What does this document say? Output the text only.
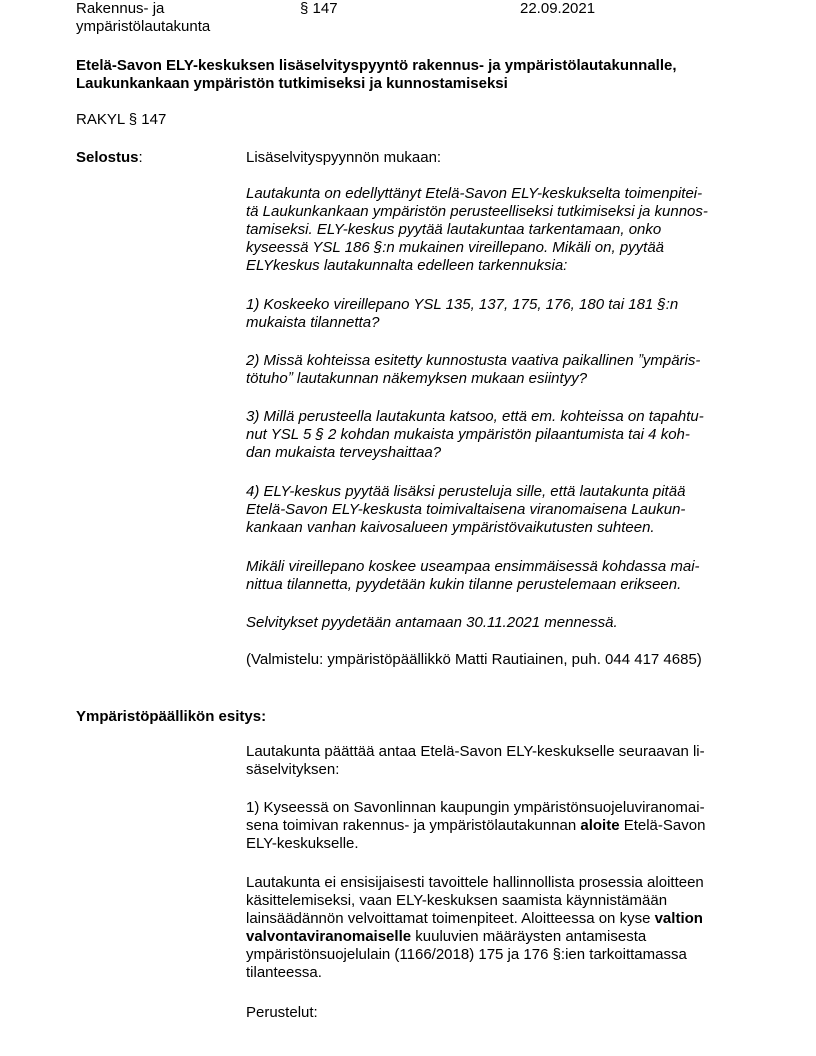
Rakennus- ja
ympäristölautakunta
§ 147	22.09.2021
Etelä-Savon ELY-keskuksen lisäselvityspyyntö rakennus- ja ympäristölautakunnalle,
Laukunkankaan ympäristön tutkimiseksi ja kunnostamiseksi
RAKYL § 147
Selostus:	Lisäselvityspyynnön mukaan:
Lautakunta on edellyttänyt Etelä-Savon ELY-keskukselta toimenpitei-
tä Laukunkankaan ympäristön perusteelliseksi tutkimiseksi ja kunnos-
tamiseksi. ELY-keskus pyytää lautakuntaa tarkentamaan, onko
kyseessä YSL 186 §:n mukainen vireillepano. Mikäli on, pyytää
ELYkeskus lautakunnalta edelleen tarkennuksia:
1) Koskeeko vireillepano YSL 135, 137, 175, 176, 180 tai 181 §:n
mukaista tilannetta?
2) Missä kohteissa esitetty kunnostusta vaativa paikallinen ˮympäris-
tötuhoˮ lautakunnan näkemyksen mukaan esiintyy?
3) Millä perusteella lautakunta katsoo, että em. kohteissa on tapahtu-
nut YSL 5 § 2 kohdan mukaista ympäristön pilaantumista tai 4 koh-
dan mukaista terveyshaittaa?
4) ELY-keskus pyytää lisäksi perusteluja sille, että lautakunta pitää
Etelä-Savon ELY-keskusta toimivaltaisena viranomaisena Laukun-
kankaan vanhan kaivosalueen ympäristövaikutusten suhteen.
Mikäli vireillepano koskee useampaa ensimmäisessä kohdassa mai-
nittua tilannetta, pyydetään kukin tilanne perustelemaan erikseen.
Selvitykset pyydetään antamaan 30.11.2021 mennessä.
(Valmistelu: ympäristöpäällikkö Matti Rautiainen, puh. 044 417 4685)
Ympäristöpäällikön esitys:
Lautakunta päättää antaa Etelä-Savon ELY-keskukselle seuraavan li-
säselvityksen:
1) Kyseessä on Savonlinnan kaupungin ympäristönsuojeluviranomai-
sena toimivan rakennus- ja ympäristölautakunnan aloite Etelä-Savon
ELY-keskukselle.
Lautakunta ei ensisijaisesti tavoittele hallinnollista prosessia aloitteen
käsittelemiseksi, vaan ELY-keskuksen saamista käynnistämään
lainsäädännön velvoittamat toimenpiteet. Aloitteessa on kyse valtion
valvontaviranomaiselle kuuluvien määräysten antamisesta
ympäristönsuojelulain (1166/2018) 175 ja 176 §:ien tarkoittamassa
tilanteessa.
Perustelut:
